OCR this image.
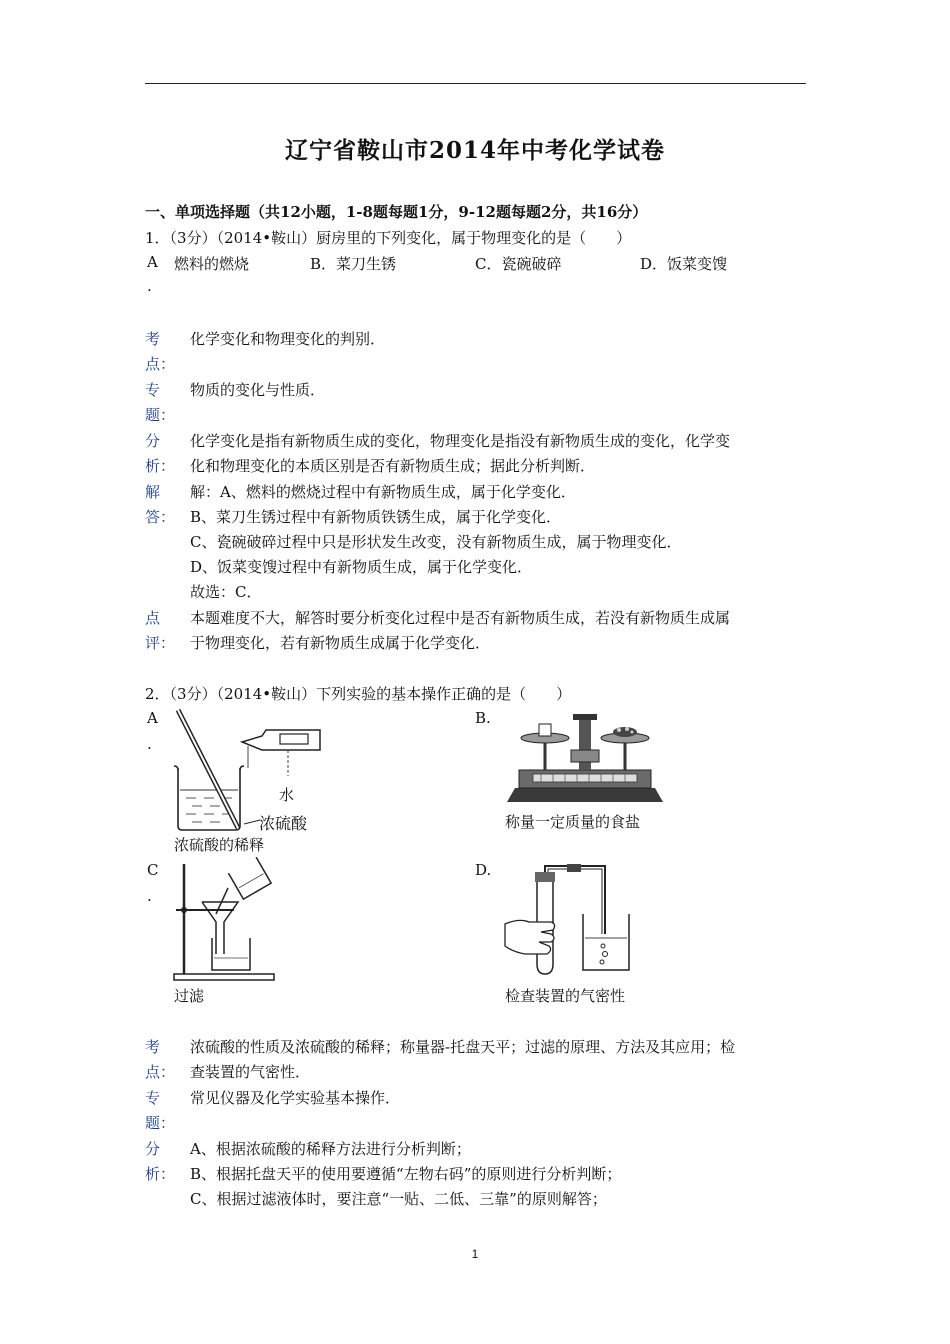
辽宁省鞍山市2014年中考化学试卷
一、单项选择题（共12小题，1-8题每题1分，9-12题每题2分，共16分）
1．（3分）（2014•鞍山）厨房里的下列变化，属于物理变化的是（　　）
A
.
燃料的燃烧	B．菜刀生锈	C．瓷碗破碎	D．饭菜变馊
考
点：
化学变化和物理变化的判别．
专
题：
物质的变化与性质．
分
析：
化学变化是指有新物质生成的变化，物理变化是指没有新物质生成的变化，化学变
化和物理变化的本质区别是否有新物质生成；据此分析判断．
解
答：
解：A、燃料的燃烧过程中有新物质生成，属于化学变化．
B、菜刀生锈过程中有新物质铁锈生成，属于化学变化．
C、瓷碗破碎过程中只是形状发生改变，没有新物质生成，属于物理变化．
D、饭菜变馊过程中有新物质生成，属于化学变化．
故选：C．
点
评：
本题难度不大，解答时要分析变化过程中是否有新物质生成，若没有新物质生成属
于物理变化，若有新物质生成属于化学变化．
2．（3分）（2014•鞍山）下列实验的基本操作正确的是（　　）
A
.
水
浓硫酸
浓硫酸的稀释
B.
称量一定质量的食盐
C
.
过滤
D.
检查装置的气密性
考
点：
浓硫酸的性质及浓硫酸的稀释；称量器-托盘天平；过滤的原理、方法及其应用；检
查装置的气密性．
专
题：
常见仪器及化学实验基本操作．
分
析：
A、根据浓硫酸的稀释方法进行分析判断；
B、根据托盘天平的使用要遵循“左物右码”的原则进行分析判断；
C、根据过滤液体时，要注意“一贴、二低、三靠”的原则解答；
1
